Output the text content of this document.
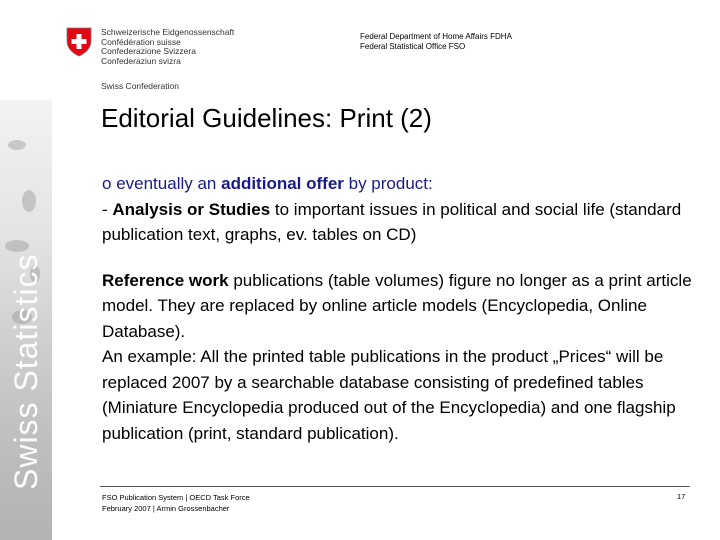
Swiss Statistics
Schweizerische Eidgenossenschaft
Confédération suisse
Confederazione Svizzera
Confederaziun svizra
Swiss Confederation
Federal Department of Home Affairs FDHA
Federal Statistical Office FSO
Editorial Guidelines: Print (2)

o eventually an additional offer by product:

- Analysis or Studies to important issues in political and social life (standard publication text, graphs, ev. tables on CD)

Reference work publications (table volumes) figure no longer as a print article model. They are replaced by online article models (Encyclopedia, Online Database).

An example: All the printed table publications in the product „Prices“ will be replaced 2007 by a searchable database consisting of predefined tables (Miniature Encyclopedia produced out of the Encyclopedia) and one flagship publication (print, standard publication).

FSO Publication System | OECD Task Force
February 2007 | Armin Grossenbacher
17
